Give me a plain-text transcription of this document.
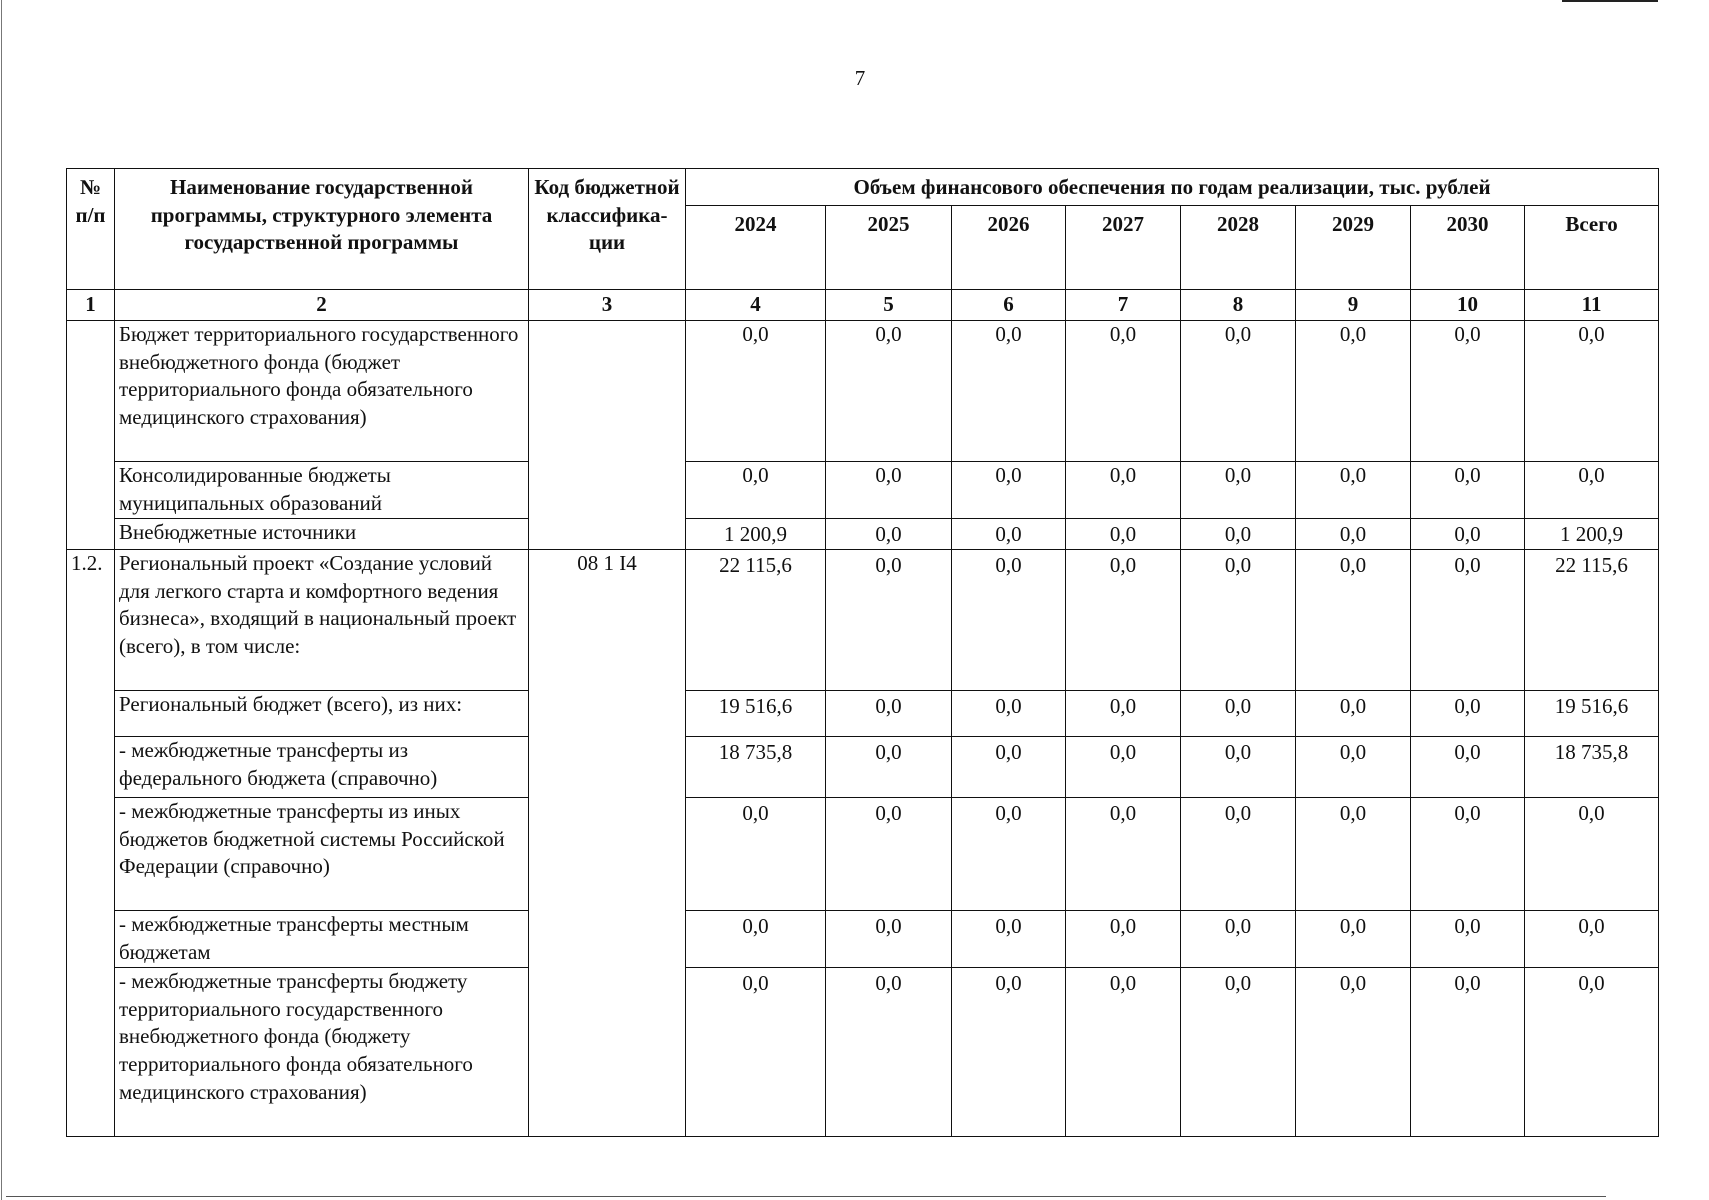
7
№ п/п	Наименование государственной программы, структурного элемента государственной программы	Код бюджетной классифика-ции	Объем финансового обеспечения по годам реализации, тыс. рублей							
			2024	2025	2026	2027	2028	2029	2030	Всего
1	2	3	4	5	6	7	8	9	10	11
	Бюджет территориального государственного внебюджетного фонда (бюджет территориального фонда обязательного медицинского страхования)		0,0	0,0	0,0	0,0	0,0	0,0	0,0	0,0
	Консолидированные бюджеты муниципальных образований		0,0	0,0	0,0	0,0	0,0	0,0	0,0	0,0
	Внебюджетные источники		1 200,9	0,0	0,0	0,0	0,0	0,0	0,0	1 200,9
1.2.	Региональный проект «Создание условий для легкого старта и комфортного ведения бизнеса», входящий в национальный проект (всего), в том числе:	08 1 I4	22 115,6	0,0	0,0	0,0	0,0	0,0	0,0	22 115,6
	Региональный бюджет (всего), из них:		19 516,6	0,0	0,0	0,0	0,0	0,0	0,0	19 516,6
	- межбюджетные трансферты из федерального бюджета (справочно)		18 735,8	0,0	0,0	0,0	0,0	0,0	0,0	18 735,8
	- межбюджетные трансферты из иных бюджетов бюджетной системы Российской Федерации (справочно)		0,0	0,0	0,0	0,0	0,0	0,0	0,0	0,0
	- межбюджетные трансферты местным бюджетам		0,0	0,0	0,0	0,0	0,0	0,0	0,0	0,0
	- межбюджетные трансферты бюджету территориального государственного внебюджетного фонда (бюджету территориального фонда обязательного медицинского страхования)		0,0	0,0	0,0	0,0	0,0	0,0	0,0	0,0
